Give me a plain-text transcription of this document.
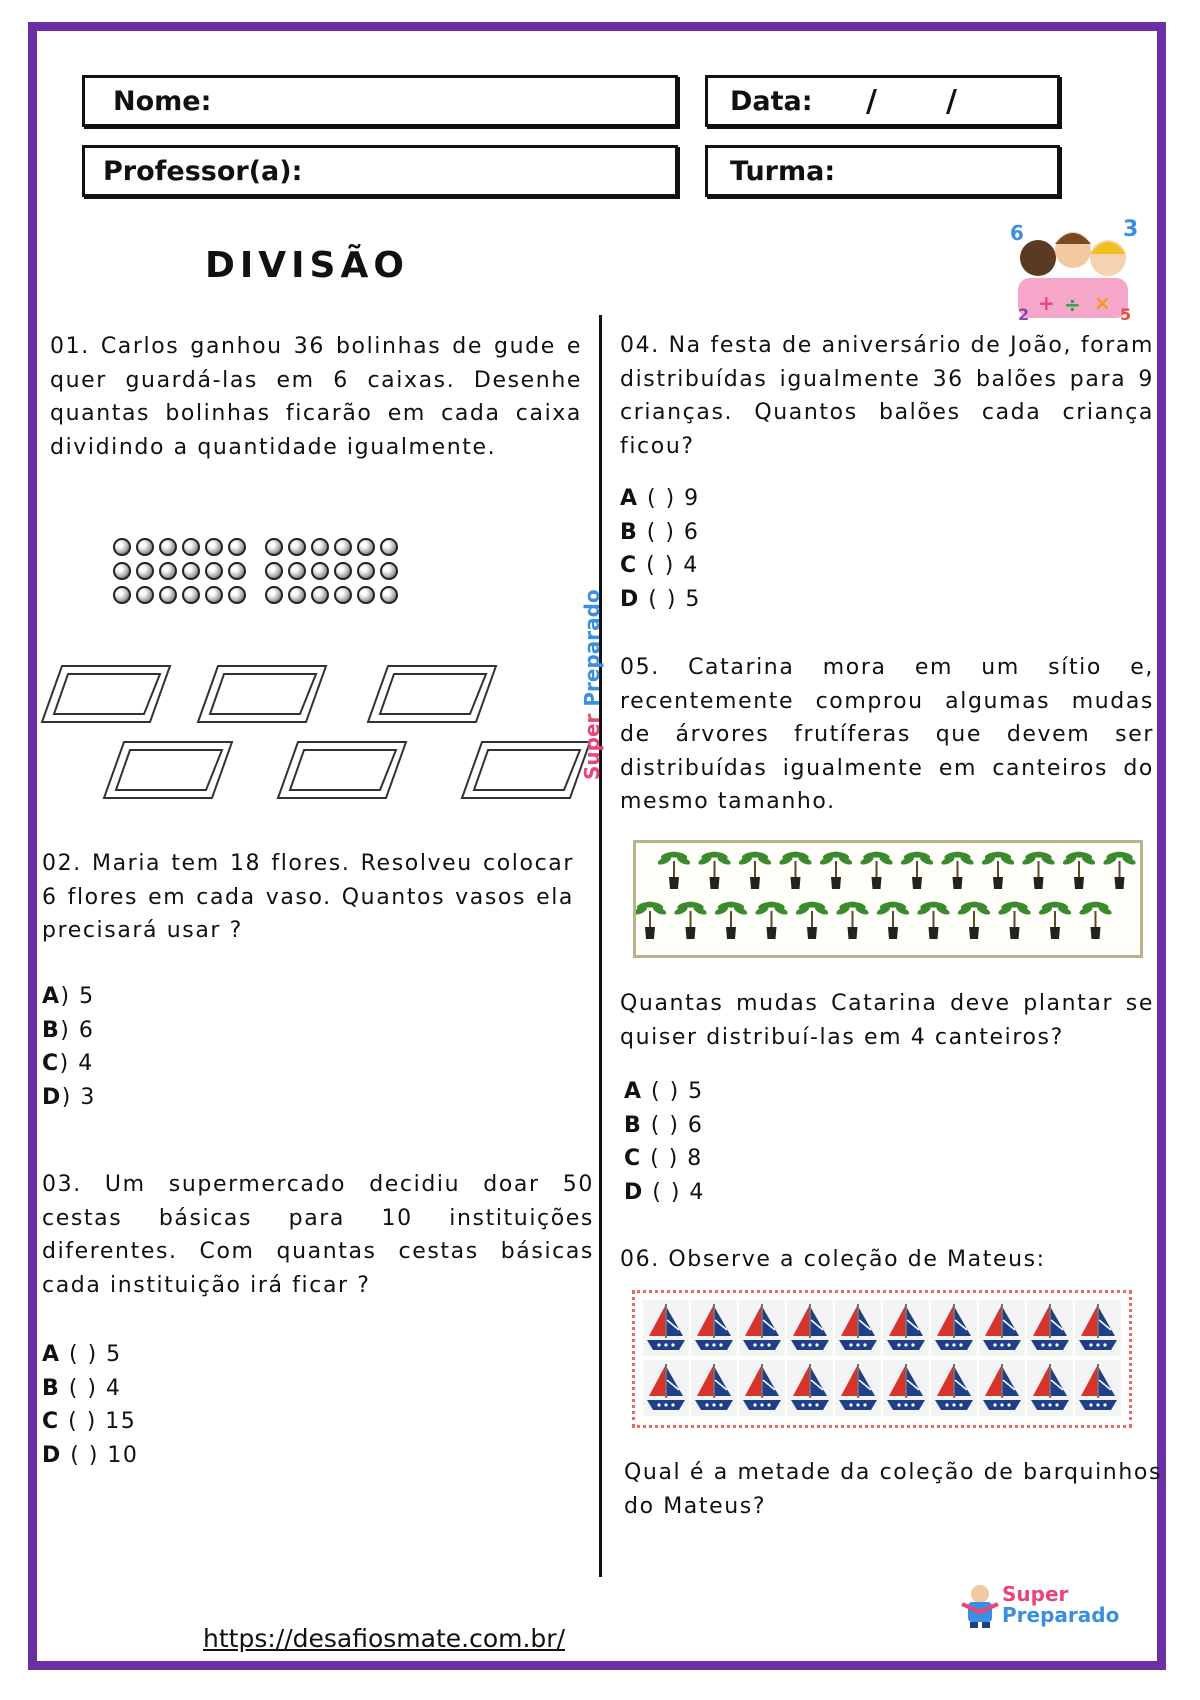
Nome:	Data: / /
Professor(a):	Turma:
DIVISÃO
6	3
+ ÷ ×
2	5
01. Carlos ganhou 36 bolinhas de gude e quer guardá-las em 6 caixas. Desenhe quantas bolinhas ficarão em cada caixa dividindo a quantidade igualmente.
Super Preparado
02. Maria tem 18 flores. Resolveu colocar 6 flores em cada vaso. Quantos vasos ela precisará usar ?
A) 5
B) 6
C) 4
D) 3
03. Um supermercado decidiu doar 50 cestas básicas para 10 instituições diferentes. Com quantas cestas básicas cada instituição irá ficar ?
A ( ) 5
B ( ) 4
C ( ) 15
D ( ) 10
04. Na festa de aniversário de João, foram distribuídas igualmente 36 balões para 9 crianças. Quantos balões cada criança ficou?
A ( ) 9
B ( ) 6
C ( ) 4
D ( ) 5
05. Catarina mora em um sítio e, recentemente comprou algumas mudas de árvores frutíferas que devem ser distribuídas igualmente em canteiros do mesmo tamanho.
Quantas mudas Catarina deve plantar se quiser distribuí-las em 4 canteiros?
A ( ) 5
B ( ) 6
C ( ) 8
D ( ) 4
06. Observe a coleção de Mateus:
Qual é a metade da coleção de barquinhos do Mateus?
https://desafiosmate.com.br/
Super
Preparado
